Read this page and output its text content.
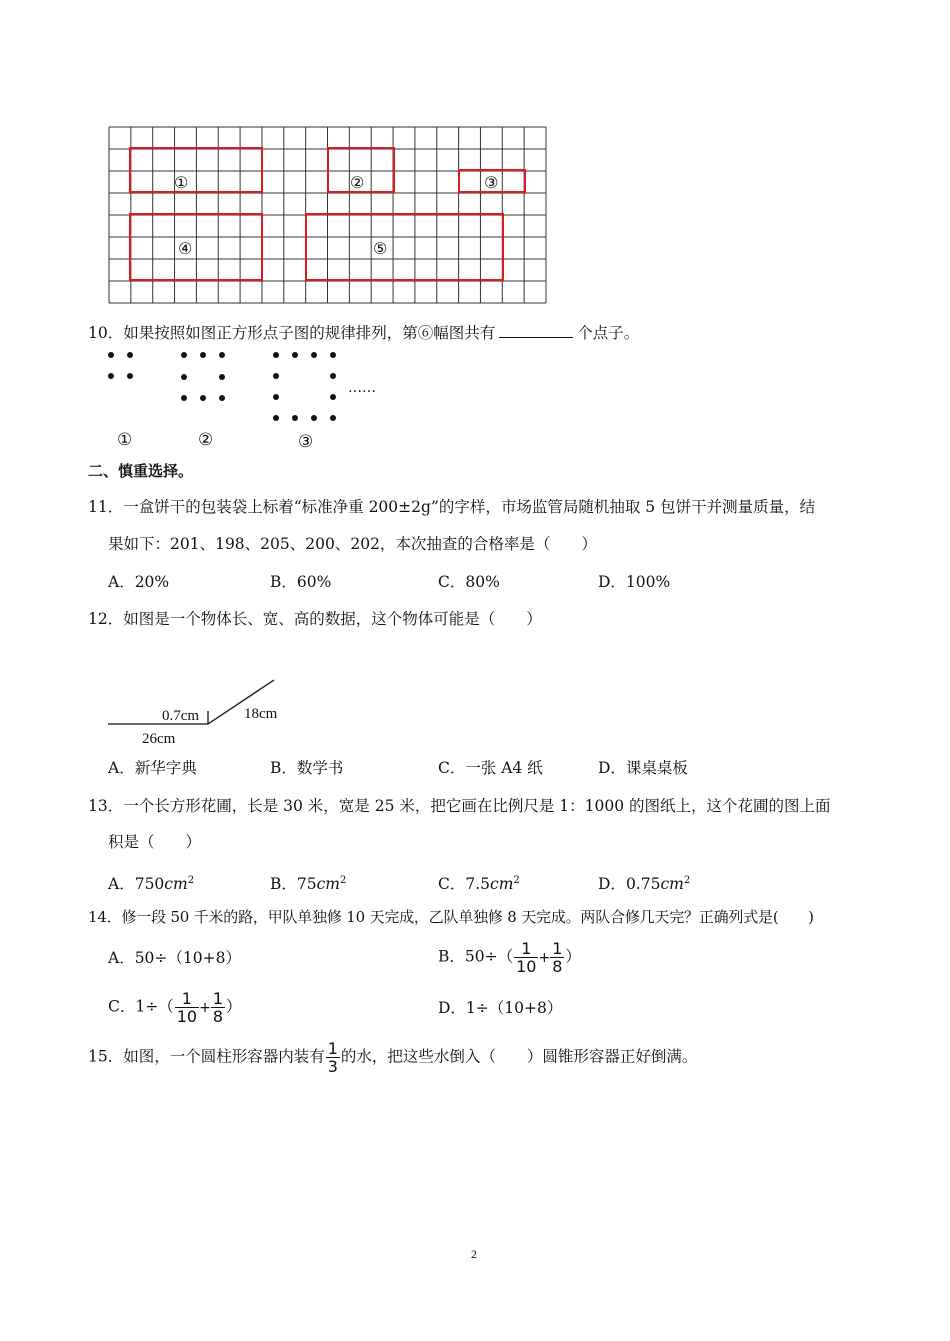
①	②	③
④	⑤
10．如果按照如图正方形点子图的规律排列，第⑥幅图共有	个点子。
……
①	②	③
二、慎重选择。
11．一盒饼干的包装袋上标着“标准净重 200±2g”的字样，市场监管局随机抽取 5 包饼干并测量质量，结
果如下：201、198、205、200、202，本次抽查的合格率是（　　）
A．20%	B．60%	C．80%	D．100%
12．如图是一个物体长、宽、高的数据，这个物体可能是（　　）
0.7cm	18cm
26cm
A．新华字典	B．数学书	C．一张 A4 纸	D．课桌桌板
13．一个长方形花圃，长是 30 米，宽是 25 米，把它画在比例尺是 1：1000 的图纸上，这个花圃的图上面
积是（　　）
A．$750cm^2$	B．$75cm^2$	C．$7.5cm^2$	D．$0.75cm^2$
14．修一段 50 千米的路，甲队单独修 10 天完成，乙队单独修 8 天完成。两队合修几天完？正确列式是(　　)
A．50÷（10+8）	B．$50\div( \frac{1}{10} + \frac{1}{8}$ ）
C．$1\div( \frac{1}{10} + \frac{1}{8}$ ）	D．1÷（10+8）
15．如图，一个圆柱形容器内装有 $\frac{1}{3}$ 的水，把这些水倒入（　　）圆锥形容器正好倒满。
2
